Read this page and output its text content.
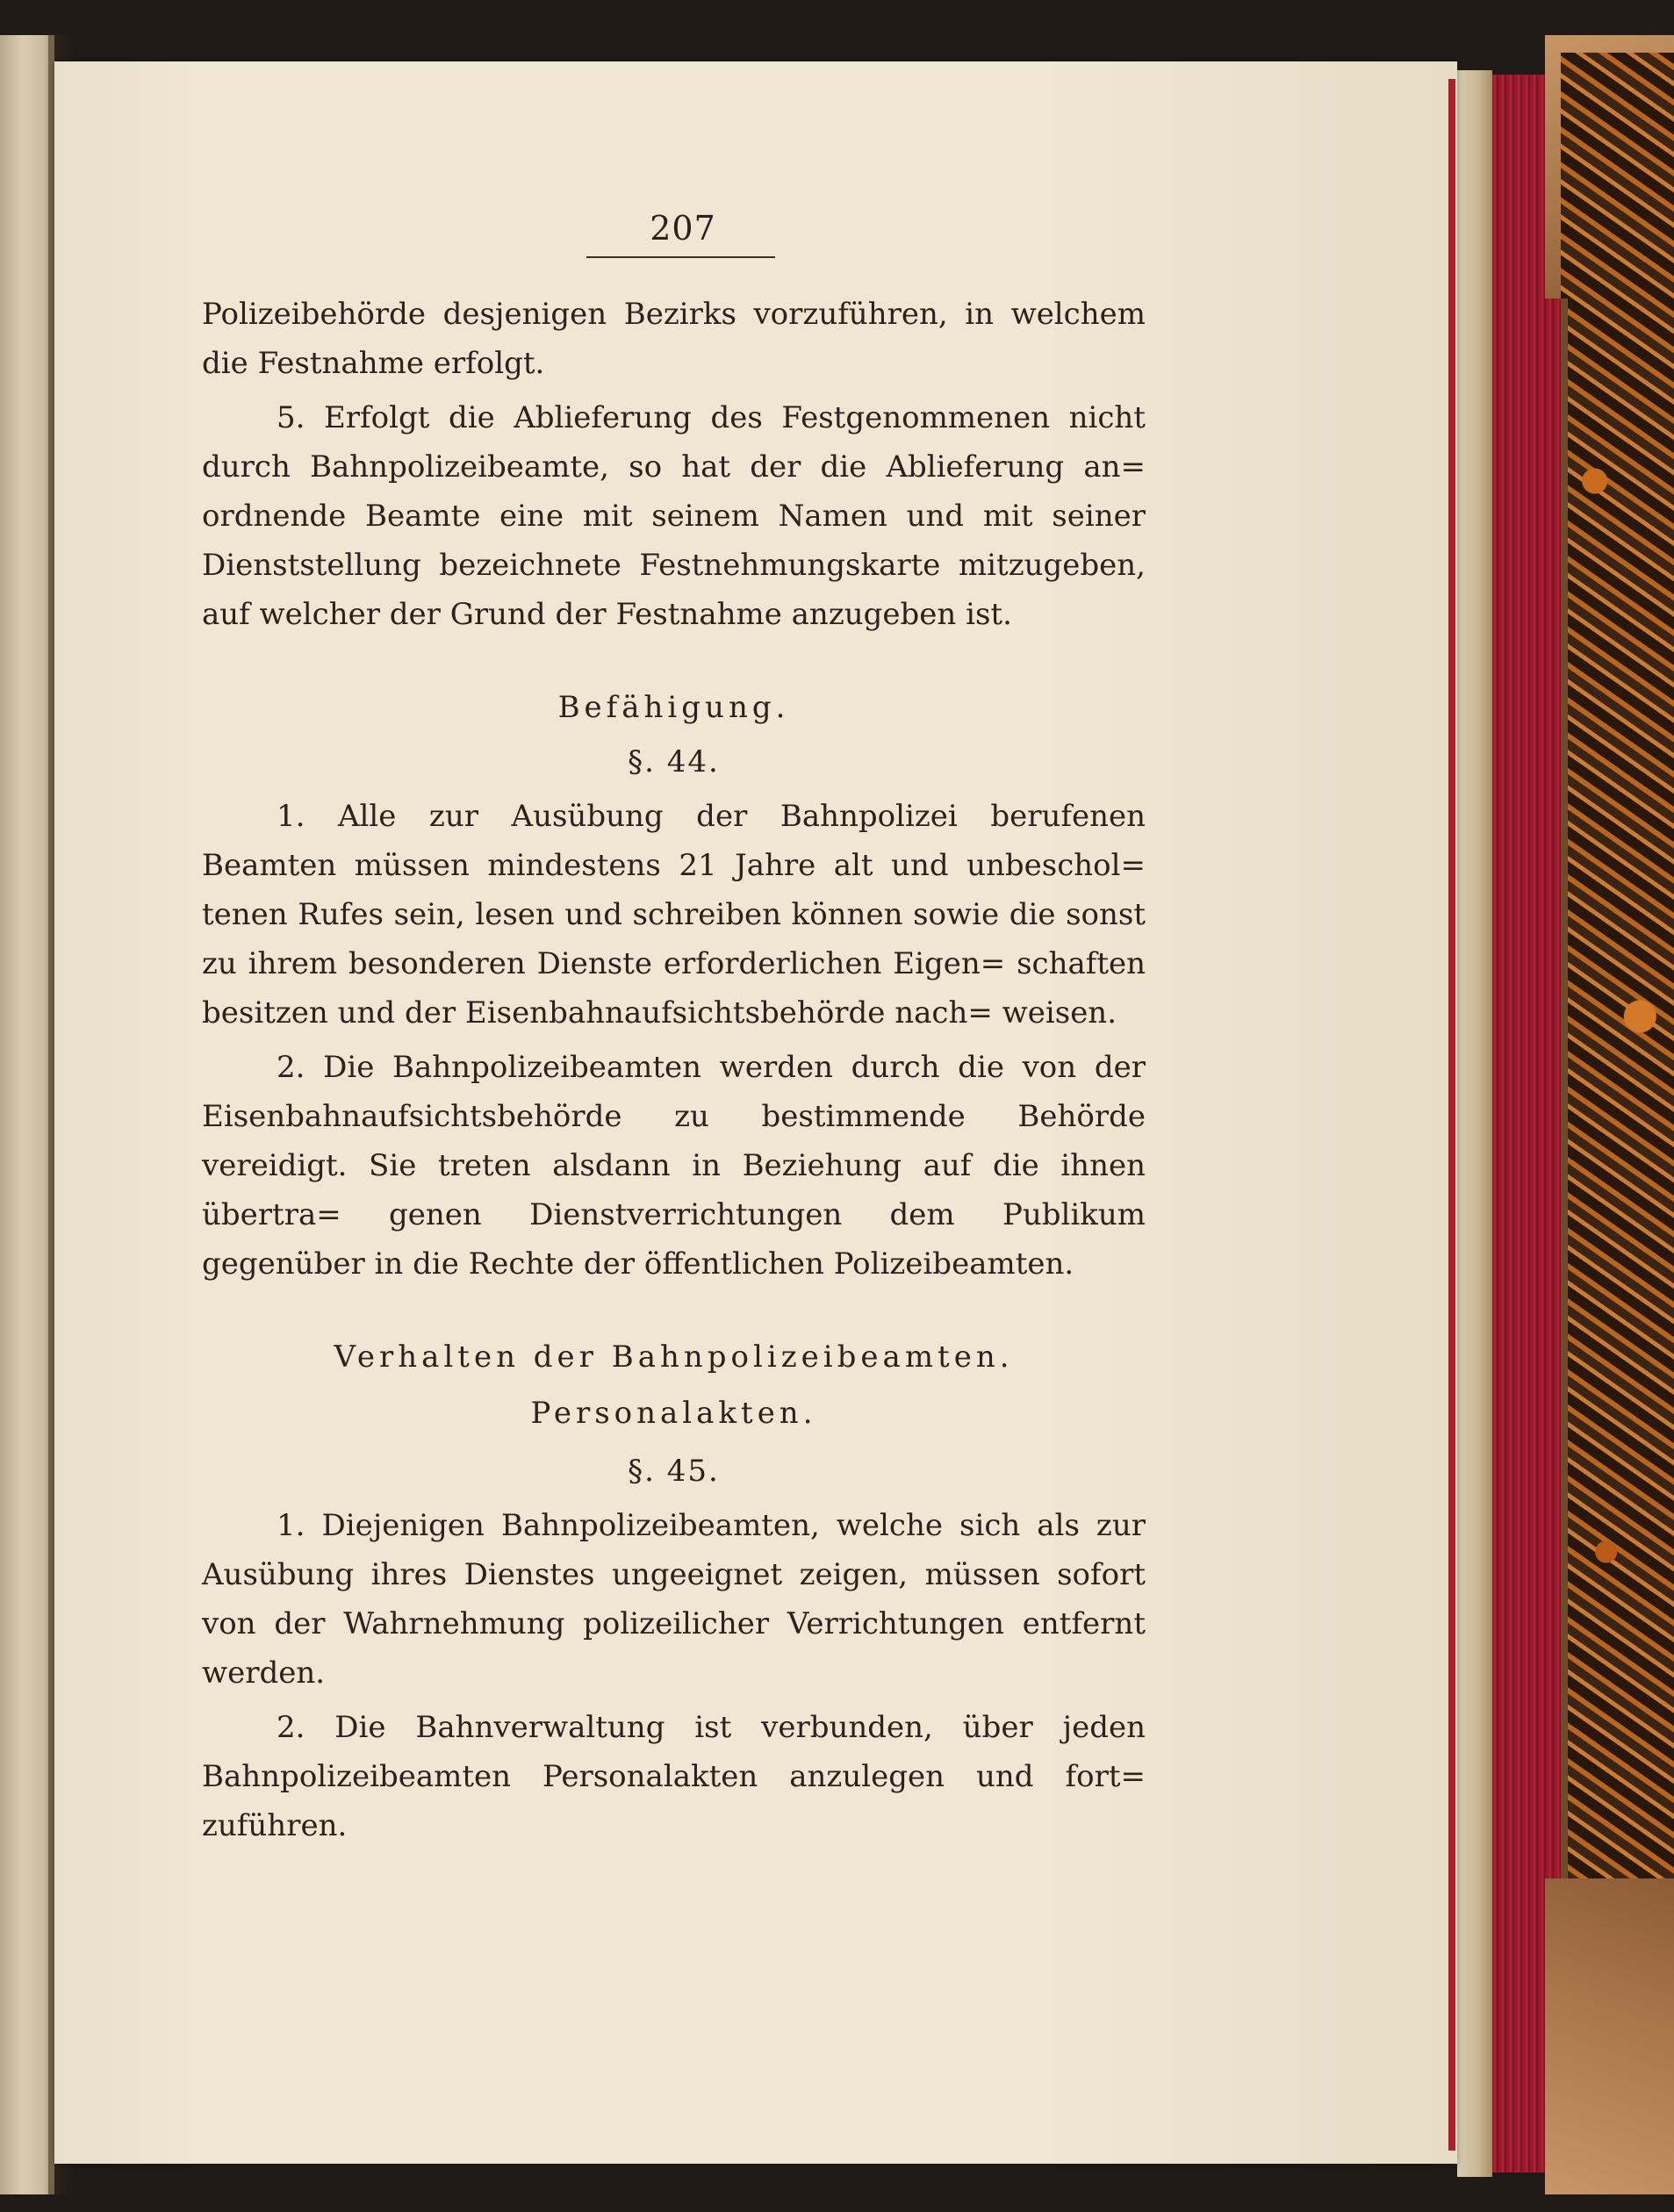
207

Polizeibehörde desjenigen Bezirks vorzuführen, in welchem die Festnahme erfolgt.

5. Erfolgt die Ablieferung des Festgenommenen nicht durch Bahnpolizeibeamte, so hat der die Ablieferung an= ordnende Beamte eine mit seinem Namen und mit seiner Dienststellung bezeichnete Festnehmungskarte mitzugeben, auf welcher der Grund der Festnahme anzugeben ist.

Befähigung.

§. 44.

1. Alle zur Ausübung der Bahnpolizei berufenen Beamten müssen mindestens 21 Jahre alt und unbeschol= tenen Rufes sein, lesen und schreiben können sowie die sonst zu ihrem besonderen Dienste erforderlichen Eigen= schaften besitzen und der Eisenbahnaufsichtsbehörde nach= weisen.

2. Die Bahnpolizeibeamten werden durch die von der Eisenbahnaufsichtsbehörde zu bestimmende Behörde vereidigt. Sie treten alsdann in Beziehung auf die ihnen übertra= genen Dienstverrichtungen dem Publikum gegenüber in die Rechte der öffentlichen Polizeibeamten.

Verhalten der Bahnpolizeibeamten.

Personalakten.

§. 45.

1. Diejenigen Bahnpolizeibeamten, welche sich als zur Ausübung ihres Dienstes ungeeignet zeigen, müssen sofort von der Wahrnehmung polizeilicher Verrichtungen entfernt werden.

2. Die Bahnverwaltung ist verbunden, über jeden Bahnpolizeibeamten Personalakten anzulegen und fort= zuführen.
